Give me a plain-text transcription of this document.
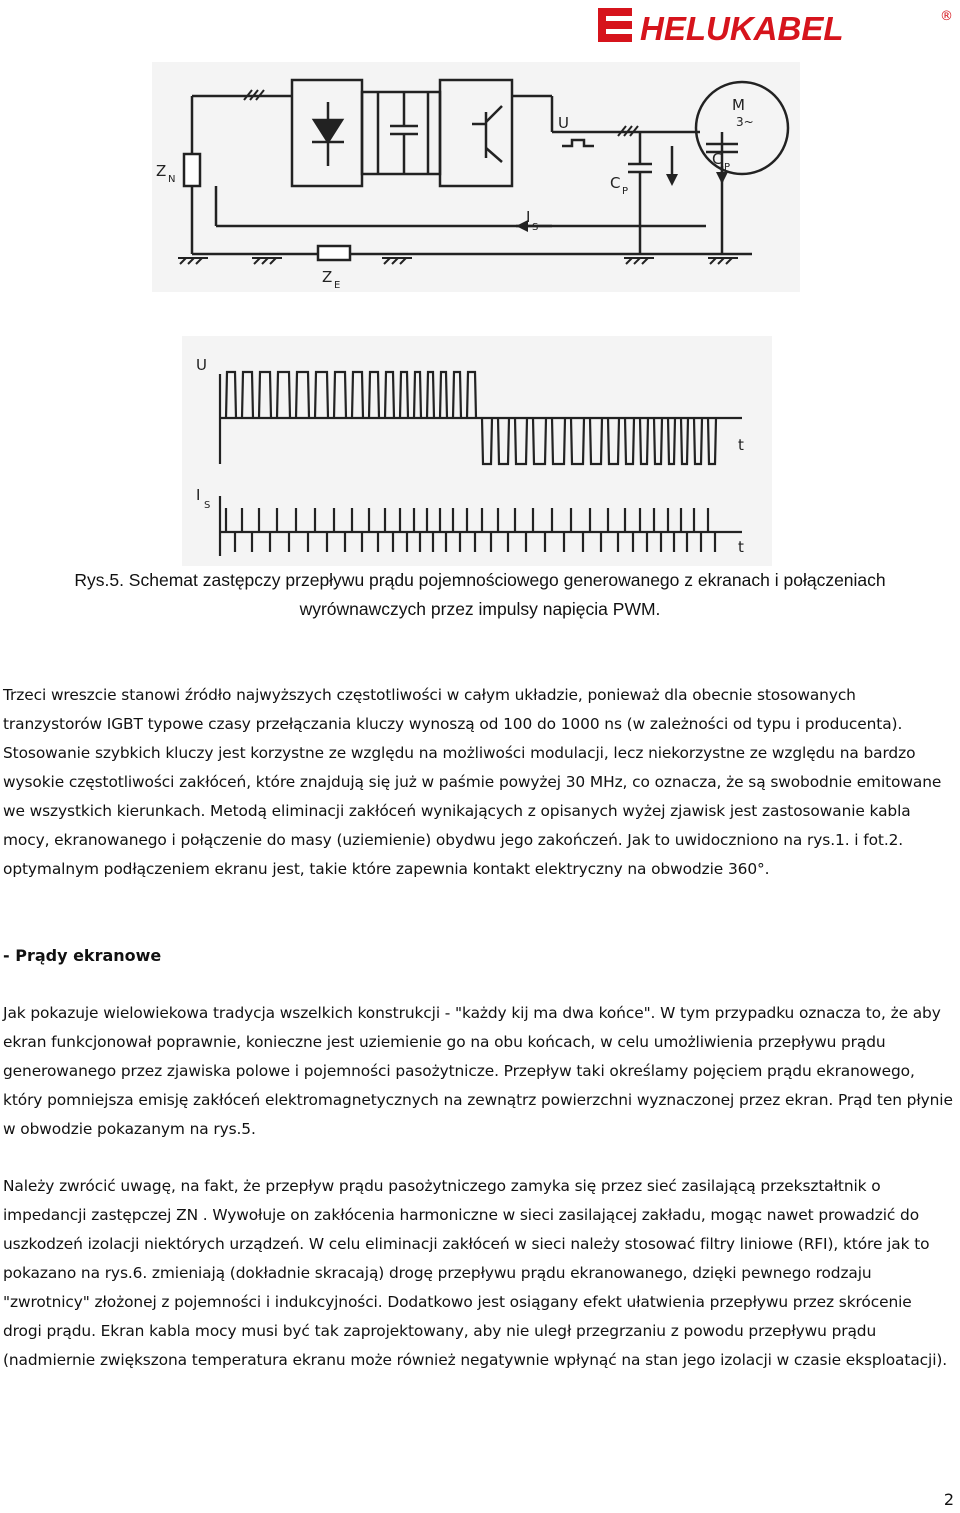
HELUKABEL	®
Z N
Z E
U
C P
C P
I
S
M
3~
U
I
S
t
t
Rys.5. Schemat zastępczy przepływu prądu pojemnościowego generowanego z ekranach i połączeniach wyrównawczych przez impulsy napięcia PWM.

Trzeci wreszcie stanowi źródło najwyższych częstotliwości w całym układzie, ponieważ dla obecnie stosowanych tranzystorów IGBT typowe czasy przełączania kluczy wynoszą od 100 do 1000 ns (w zależności od typu i producenta). Stosowanie szybkich kluczy jest korzystne ze względu na możliwości modulacji, lecz niekorzystne ze względu na bardzo wysokie częstotliwości zakłóceń, które znajdują się już w paśmie powyżej 30 MHz, co oznacza, że są swobodnie emitowane we wszystkich kierunkach. Metodą eliminacji zakłóceń wynikających z opisanych wyżej zjawisk jest zastosowanie kabla mocy, ekranowanego i połączenie do masy (uziemienie) obydwu jego zakończeń. Jak to uwidoczniono na rys.1. i fot.2. optymalnym podłączeniem ekranu jest, takie które zapewnia kontakt elektryczny na obwodzie 360°.

- Prądy ekranowe

Jak pokazuje wielowiekowa tradycja wszelkich konstrukcji - "każdy kij ma dwa końce". W tym przypadku oznacza to, że aby ekran funkcjonował poprawnie, konieczne jest uziemienie go na obu końcach, w celu umożliwienia przepływu prądu generowanego przez zjawiska polowe i pojemności pasożytnicze. Przepływ taki określamy pojęciem prądu ekranowego, który pomniejsza emisję zakłóceń elektromagnetycznych na zewnątrz powierzchni wyznaczonej przez ekran. Prąd ten płynie w obwodzie pokazanym na rys.5.

Należy zwrócić uwagę, na fakt, że przepływ prądu pasożytniczego zamyka się przez sieć zasilającą przekształtnik o impedancji zastępczej ZN . Wywołuje on zakłócenia harmoniczne w sieci zasilającej zakładu, mogąc nawet prowadzić do uszkodzeń izolacji niektórych urządzeń. W celu eliminacji zakłóceń w sieci należy stosować filtry liniowe (RFI), które jak to pokazano na rys.6. zmieniają (dokładnie skracają) drogę przepływu prądu ekranowanego, dzięki pewnego rodzaju "zwrotnicy" złożonej z pojemności i indukcyjności. Dodatkowo jest osiągany efekt ułatwienia przepływu przez skrócenie drogi prądu. Ekran kabla mocy musi być tak zaprojektowany, aby nie uległ przegrzaniu z powodu przepływu prądu (nadmiernie zwiększona temperatura ekranu może również negatywnie wpłynąć na stan jego izolacji w czasie eksploatacji).

2
